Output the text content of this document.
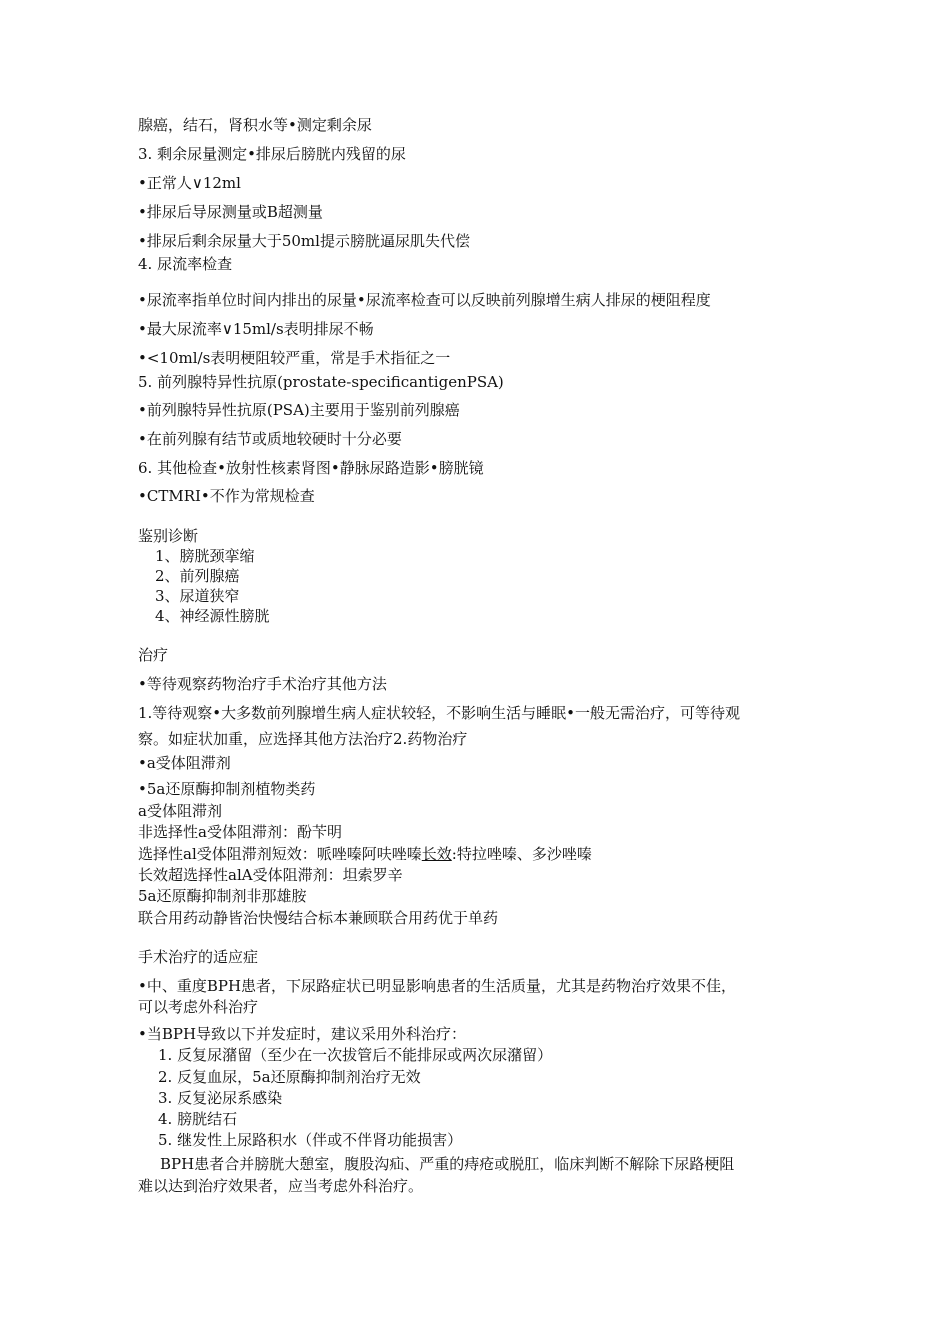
腺癌，结石，肾积水等•测定剩余尿
3. 剩余尿量测定•排尿后膀胱内残留的尿
•正常人∨12ml
•排尿后导尿测量或B超测量
•排尿后剩余尿量大于50ml提示膀胱逼尿肌失代偿
4. 尿流率检查
•尿流率指单位时间内排出的尿量•尿流率检查可以反映前列腺增生病人排尿的梗阻程度
•最大尿流率∨15ml/s表明排尿不畅
•<10ml/s表明梗阻较严重，常是手术指征之一
5. 前列腺特异性抗原(prostate-specificantigenPSA)
•前列腺特异性抗原(PSA)主要用于鉴别前列腺癌
•在前列腺有结节或质地较硬时十分必要
6. 其他检查•放射性核素肾图•静脉尿路造影•膀胱镜
•CTMRI•不作为常规检查
鉴别诊断
1、膀胱颈挛缩
2、前列腺癌
3、尿道狭窄
4、神经源性膀胱
治疗
•等待观察药物治疗手术治疗其他方法
1.等待观察•大多数前列腺增生病人症状较轻，不影响生活与睡眠•一般无需治疗，可等待观
察。如症状加重，应选择其他方法治疗2.药物治疗
•a受体阻滞剂
•5a还原酶抑制剂植物类药
a受体阻滞剂
非选择性a受体阻滞剂：酚苄明
选择性al受体阻滞剂短效：哌唑嗪阿呋唑嗪长效:特拉唑嗪、多沙唑嗪
长效超选择性alA受体阻滞剂：坦索罗辛
5a还原酶抑制剂非那雄胺
联合用药动静皆治快慢结合标本兼顾联合用药优于单药
手术治疗的适应症
•中、重度BPH患者，下尿路症状已明显影响患者的生活质量，尤其是药物治疗效果不佳，
可以考虑外科治疗
•当BPH导致以下并发症时，建议采用外科治疗：
1. 反复尿潴留（至少在一次拔管后不能排尿或两次尿潴留）
2. 反复血尿，5a还原酶抑制剂治疗无效
3. 反复泌尿系感染
4. 膀胱结石
5. 继发性上尿路积水（伴或不伴肾功能损害）
BPH患者合并膀胱大憩室，腹股沟疝、严重的痔疮或脱肛，临床判断不解除下尿路梗阻
难以达到治疗效果者，应当考虑外科治疗。
